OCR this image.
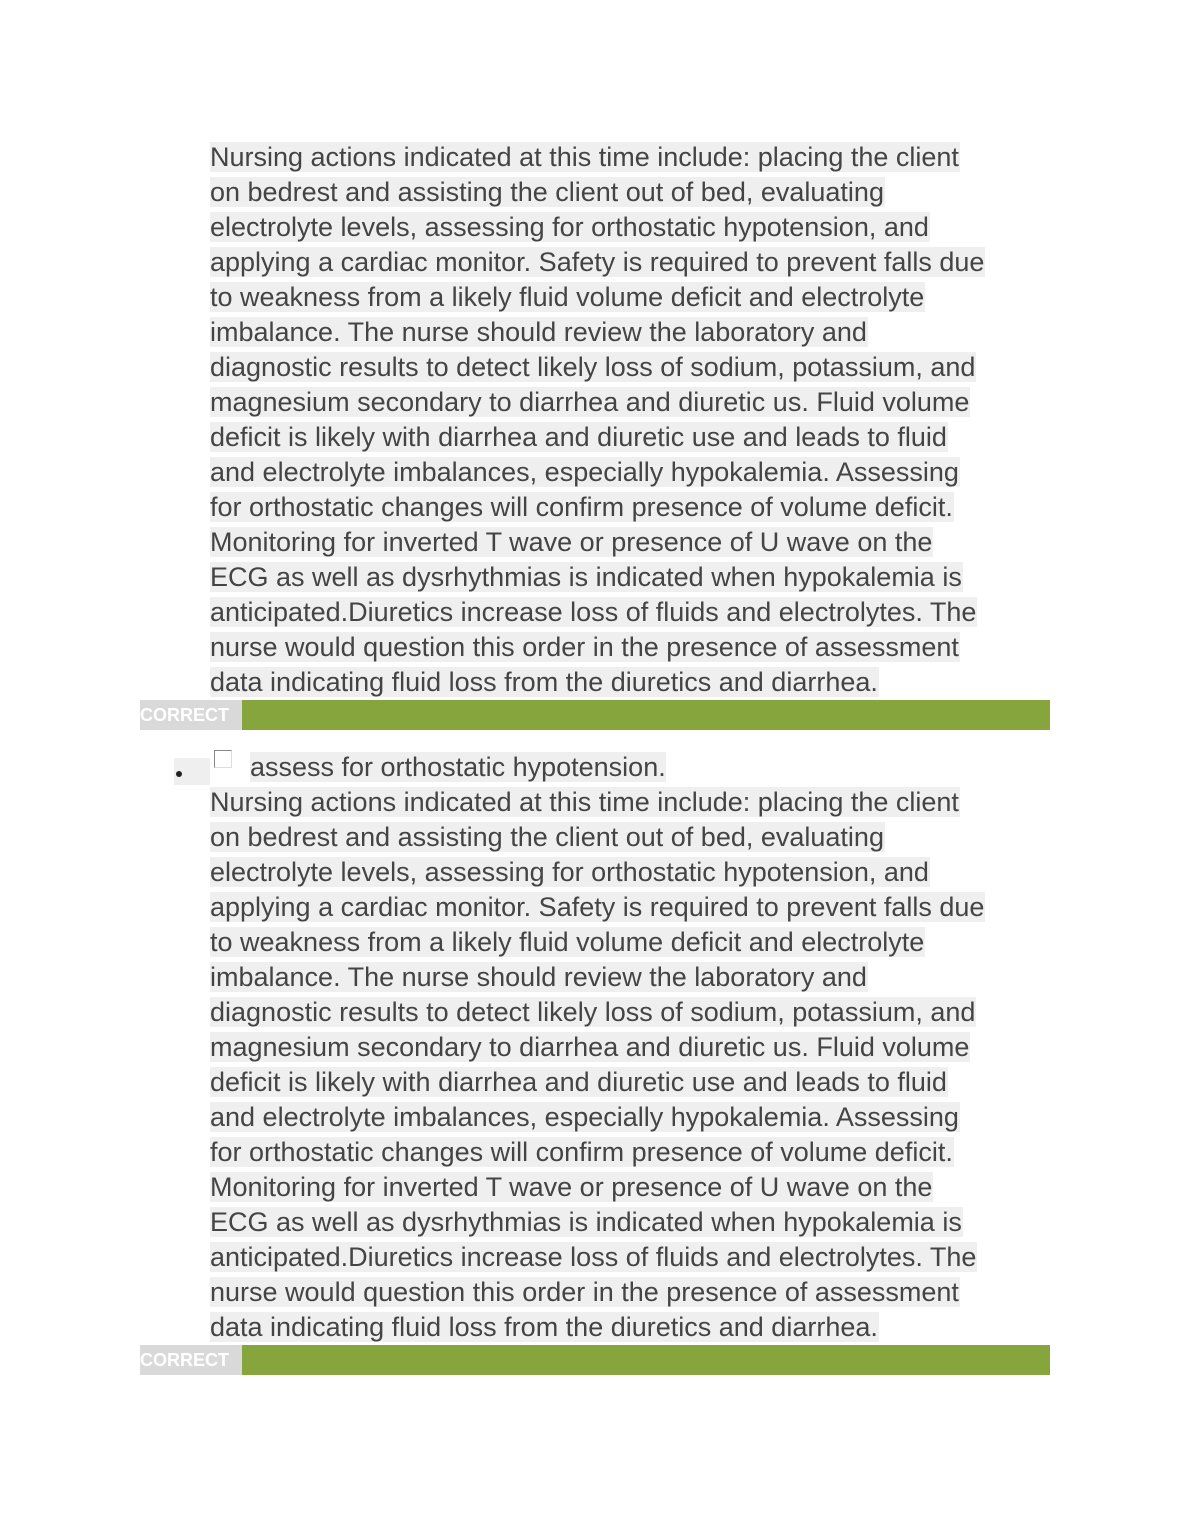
Nursing actions indicated at this time include: placing the client
on bedrest and assisting the client out of bed, evaluating
electrolyte levels, assessing for orthostatic hypotension, and
applying a cardiac monitor. Safety is required to prevent falls due
to weakness from a likely fluid volume deficit and electrolyte
imbalance. The nurse should review the laboratory and
diagnostic results to detect likely loss of sodium, potassium, and
magnesium secondary to diarrhea and diuretic us. Fluid volume
deficit is likely with diarrhea and diuretic use and leads to fluid
and electrolyte imbalances, especially hypokalemia. Assessing
for orthostatic changes will confirm presence of volume deficit.
Monitoring for inverted T wave or presence of U wave on the
ECG as well as dysrhythmias is indicated when hypokalemia is
anticipated.Diuretics increase loss of fluids and electrolytes. The
nurse would question this order in the presence of assessment
data indicating fluid loss from the diuretics and diarrhea.
CORRECT
assess for orthostatic hypotension.
Nursing actions indicated at this time include: placing the client
on bedrest and assisting the client out of bed, evaluating
electrolyte levels, assessing for orthostatic hypotension, and
applying a cardiac monitor. Safety is required to prevent falls due
to weakness from a likely fluid volume deficit and electrolyte
imbalance. The nurse should review the laboratory and
diagnostic results to detect likely loss of sodium, potassium, and
magnesium secondary to diarrhea and diuretic us. Fluid volume
deficit is likely with diarrhea and diuretic use and leads to fluid
and electrolyte imbalances, especially hypokalemia. Assessing
for orthostatic changes will confirm presence of volume deficit.
Monitoring for inverted T wave or presence of U wave on the
ECG as well as dysrhythmias is indicated when hypokalemia is
anticipated.Diuretics increase loss of fluids and electrolytes. The
nurse would question this order in the presence of assessment
data indicating fluid loss from the diuretics and diarrhea.
CORRECT
